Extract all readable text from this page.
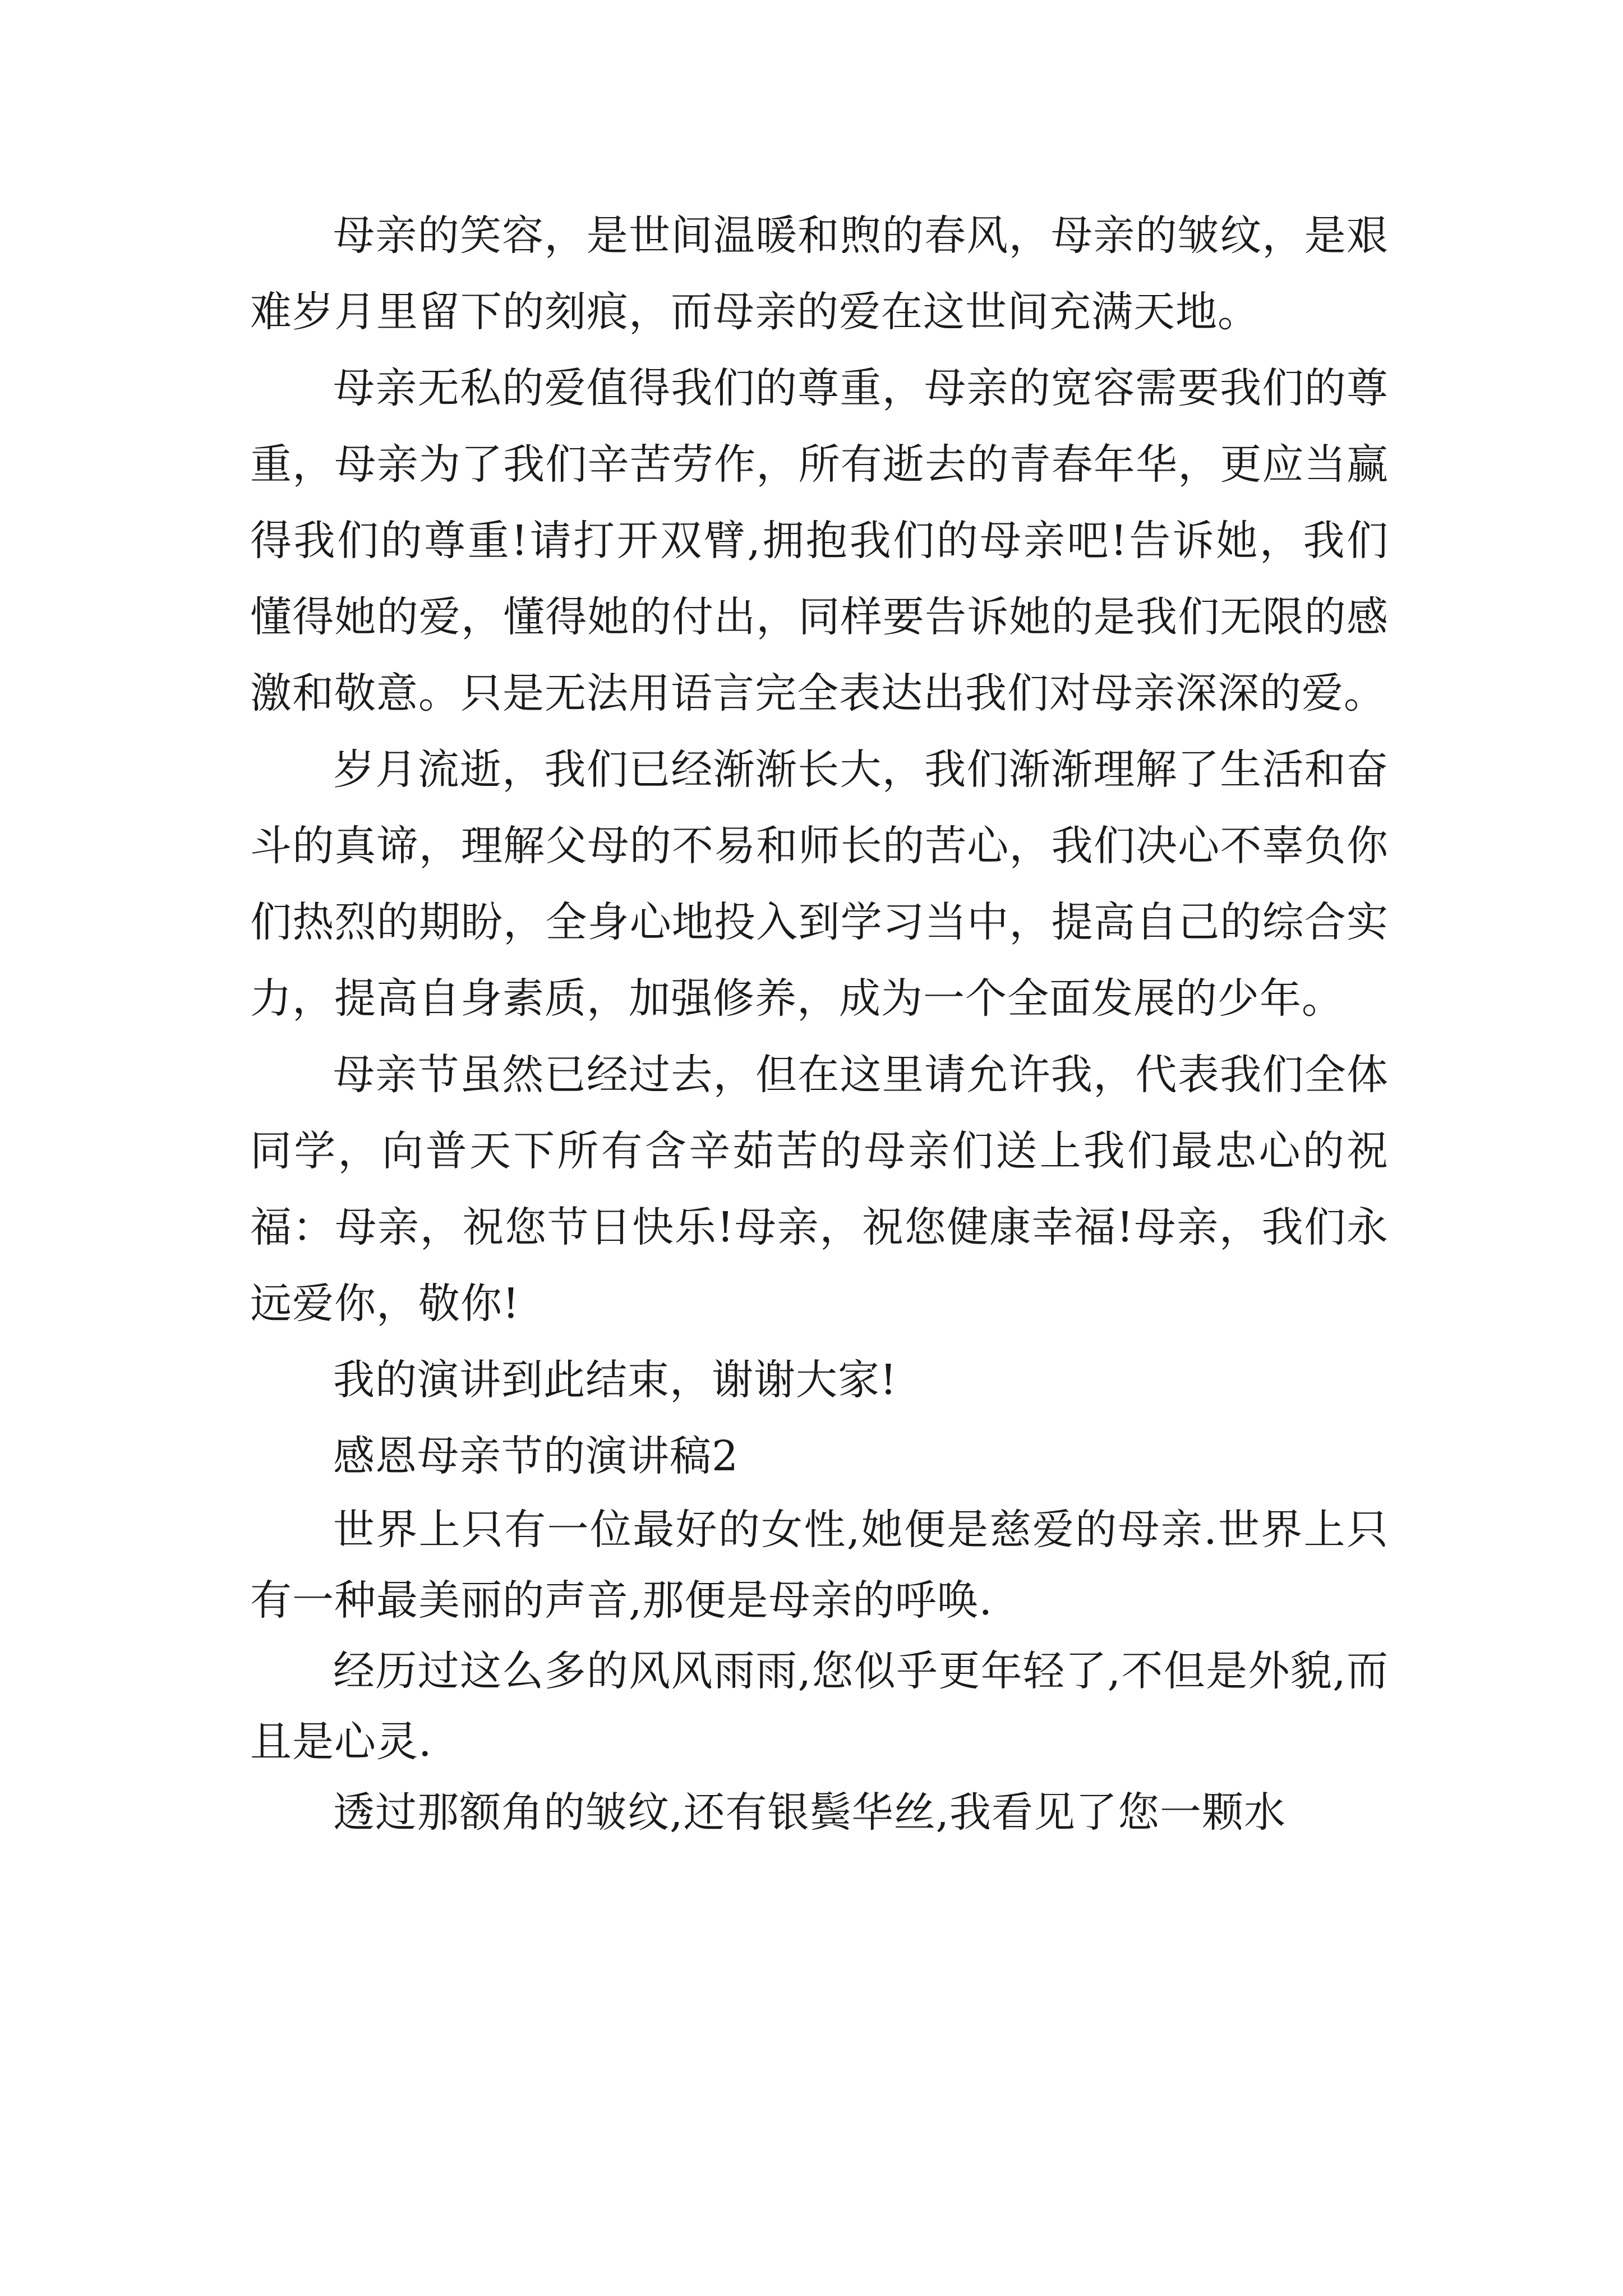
母亲的笑容，是世间温暖和煦的春风，母亲的皱纹，是艰难岁月里留下的刻痕，而母亲的爱在这世间充满天地。

母亲无私的爱值得我们的尊重，母亲的宽容需要我们的尊重，母亲为了我们辛苦劳作，所有逝去的青春年华，更应当赢得我们的尊重!请打开双臂,拥抱我们的母亲吧!告诉她，我们懂得她的爱，懂得她的付出，同样要告诉她的是我们无限的感激和敬意。只是无法用语言完全表达出我们对母亲深深的爱。

岁月流逝，我们已经渐渐长大，我们渐渐理解了生活和奋斗的真谛，理解父母的不易和师长的苦心，我们决心不辜负你们热烈的期盼，全身心地投入到学习当中，提高自己的综合实力，提高自身素质，加强修养，成为一个全面发展的少年。

母亲节虽然已经过去，但在这里请允许我，代表我们全体同学，向普天下所有含辛茹苦的母亲们送上我们最忠心的祝福：母亲，祝您节日快乐!母亲，祝您健康幸福!母亲，我们永远爱你，敬你!

我的演讲到此结束，谢谢大家!

感恩母亲节的演讲稿2

世界上只有一位最好的女性,她便是慈爱的母亲.世界上只有一种最美丽的声音,那便是母亲的呼唤.

经历过这么多的风风雨雨,您似乎更年轻了,不但是外貌,而且是心灵.

透过那额角的皱纹,还有银鬓华丝,我看见了您一颗水
